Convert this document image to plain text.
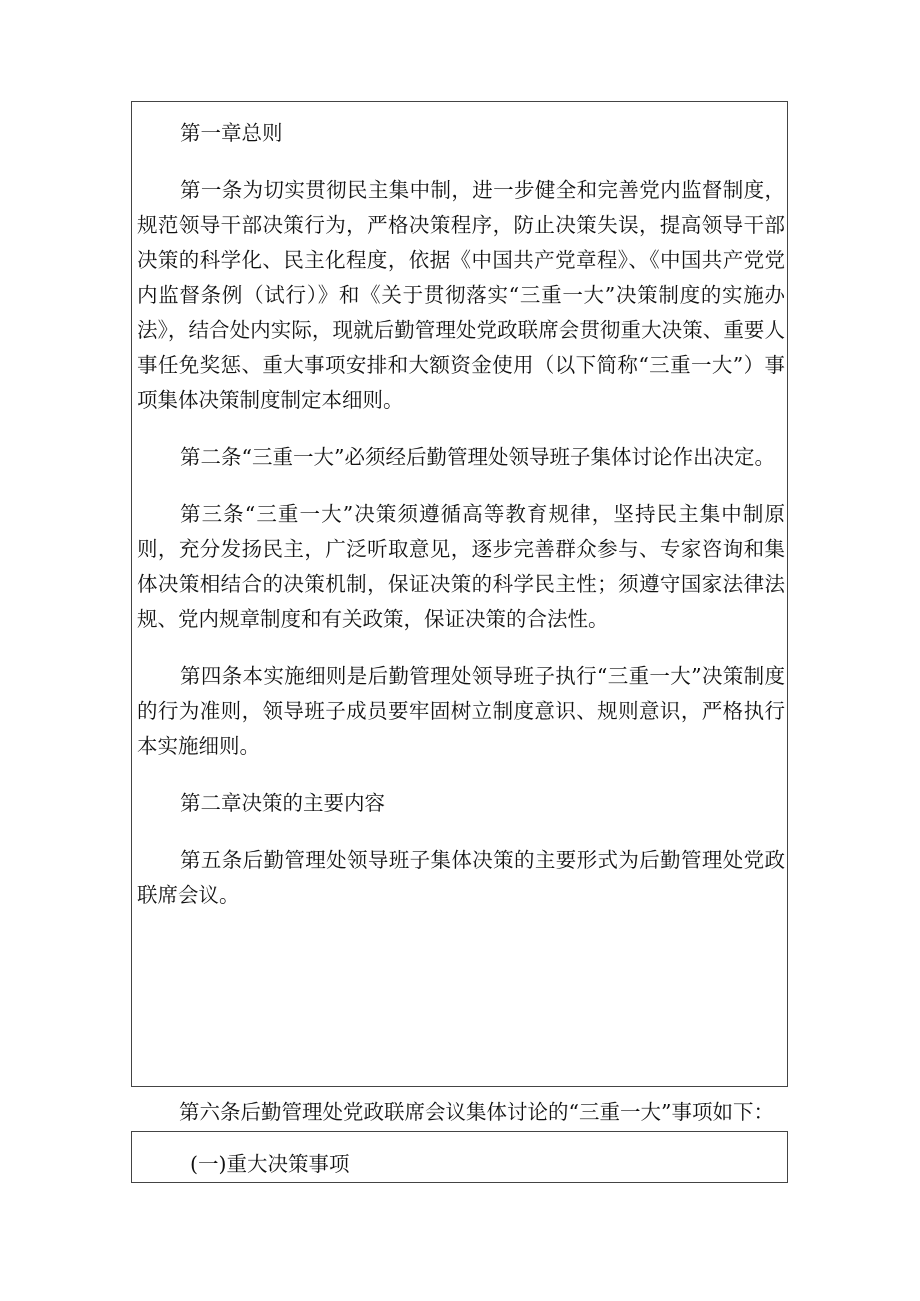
第一章总则

第一条为切实贯彻民主集中制，进一步健全和完善党内监督制度，规范领导干部决策行为，严格决策程序，防止决策失误，提高领导干部决策的科学化、民主化程度，依据《中国共产党章程》、《中国共产党党内监督条例（试行）》和《关于贯彻落实“三重一大”决策制度的实施办法》，结合处内实际，现就后勤管理处党政联席会贯彻重大决策、重要人事任免奖惩、重大事项安排和大额资金使用（以下简称“三重一大”）事项集体决策制度制定本细则。

第二条“三重一大”必须经后勤管理处领导班子集体讨论作出决定。

第三条“三重一大”决策须遵循高等教育规律，坚持民主集中制原则，充分发扬民主，广泛听取意见，逐步完善群众参与、专家咨询和集体决策相结合的决策机制，保证决策的科学民主性；须遵守国家法律法规、党内规章制度和有关政策，保证决策的合法性。

第四条本实施细则是后勤管理处领导班子执行“三重一大”决策制度的行为准则，领导班子成员要牢固树立制度意识、规则意识，严格执行本实施细则。

第二章决策的主要内容

第五条后勤管理处领导班子集体决策的主要形式为后勤管理处党政联席会议。

第六条后勤管理处党政联席会议集体讨论的“三重一大”事项如下：

(一)重大决策事项
